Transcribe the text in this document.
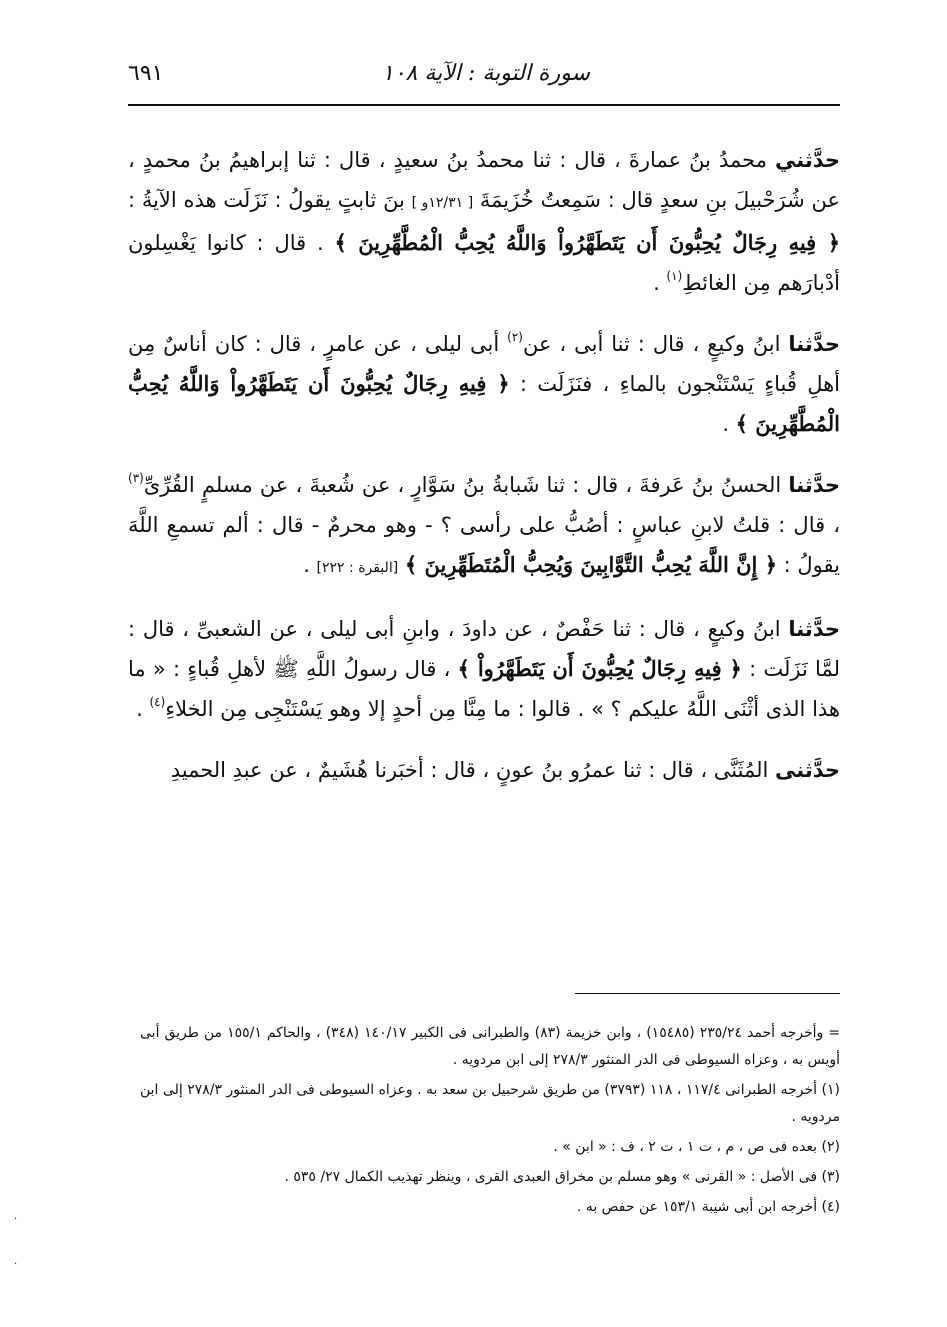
سورة التوبة : الآية ١٠٨
٦٩١

حدَّثني محمدُ بنُ عمارةَ ، قال : ثنا محمدُ بنُ سعيدٍ ، قال : ثنا إبراهيمُ بنُ محمدٍ ، عن شُرَحْبيلَ بنِ سعدٍ قال : سَمِعتُ خُزَيمَةَ [ ١٢/٣١و ] بنَ ثابتٍ يقولُ : نَزَلَت هذه الآيةُ : ﴿ فِيهِ رِجَالٌ يُحِبُّونَ أَن يَتَطَهَّرُواْ وَاللَّهُ يُحِبُّ الْمُطَّهِّرِينَ ﴾ . قال : كانوا يَغْسِلون أدْبارَهم مِن الغائطِ$^{(١)}$ .

حدَّثنا ابنُ وكيعٍ ، قال : ثنا أبى ، عن$^{(٢)}$ أبى ليلى ، عن عامرٍ ، قال : كان أناسٌ مِن أهلِ قُباءٍ يَسْتَنْجون بالماءِ ، فنَزَلَت : ﴿ فِيهِ رِجَالٌ يُحِبُّونَ أَن يَتَطَهَّرُواْ وَاللَّهُ يُحِبُّ الْمُطَّهِّرِينَ ﴾ .

حدَّثنا الحسنُ بنُ عَرفةَ ، قال : ثنا شَبابةُ بنُ سَوَّارٍ ، عن شُعبةَ ، عن مسلمٍ القُرِّىِّ$^{(٣)}$ ، قال : قلتُ لابنِ عباسٍ : أصُبُّ على رأسى ؟ - وهو محرمٌ - قال : ألم تسمعِ اللَّهَ يقولُ : ﴿ إِنَّ اللَّهَ يُحِبُّ التَّوَّابِينَ وَيُحِبُّ الْمُتَطَهِّرِينَ ﴾ [البقرة : ٢٢٢] .

حدَّثنا ابنُ وكيعٍ ، قال : ثنا حَفْصٌ ، عن داودَ ، وابنِ أبى ليلى ، عن الشعبىِّ ، قال : لمَّا نَزَلَت : ﴿ فِيهِ رِجَالٌ يُحِبُّونَ أَن يَتَطَهَّرُواْ ﴾ ، قال رسولُ اللَّهِ ﷺ لأهلِ قُباءٍ : « ما هذا الذى أثْنَى اللَّهُ عليكم ؟ » . قالوا : ما مِنَّا مِن أحدٍ إلا وهو يَسْتَنْجِى مِن الخلاءِ$^{(٤)}$ .

حدَّثنى المُثَنَّى ، قال : ثنا عمرُو بنُ عونٍ ، قال : أخبَرنا هُشَيمٌ ، عن عبدِ الحميدِ

= وأخرجه أحمد ٢٣٥/٢٤ (١٥٤٨٥) ، وابن خزيمة (٨٣) والطبرانى فى الكبير ١٤٠/١٧ (٣٤٨) ، والحاكم ١٥٥/١ من طريق أبى أويس به ، وعزاه السيوطى فى الدر المنثور ٢٧٨/٣ إلى ابن مردويه .

(١) أخرجه الطبرانى ١١٧/٤ ، ١١٨ (٣٧٩٣) من طريق شرحبيل بن سعد به . وعزاه السيوطى فى الدر المنثور ٢٧٨/٣ إلى ابن مردويه .

(٢) بعده فى ص ، م ، ت ١ ، ت ٢ ، ف : « ابن » .

(٣) فى الأصل : « القرنى » وهو مسلم بن مخراق العبدى القرى ، وينظر تهذيب الكمال ٢٧/ ٥٣٥ .

(٤) أخرجه ابن أبى شيبة ١٥٣/١ عن حفص به .

·
·
